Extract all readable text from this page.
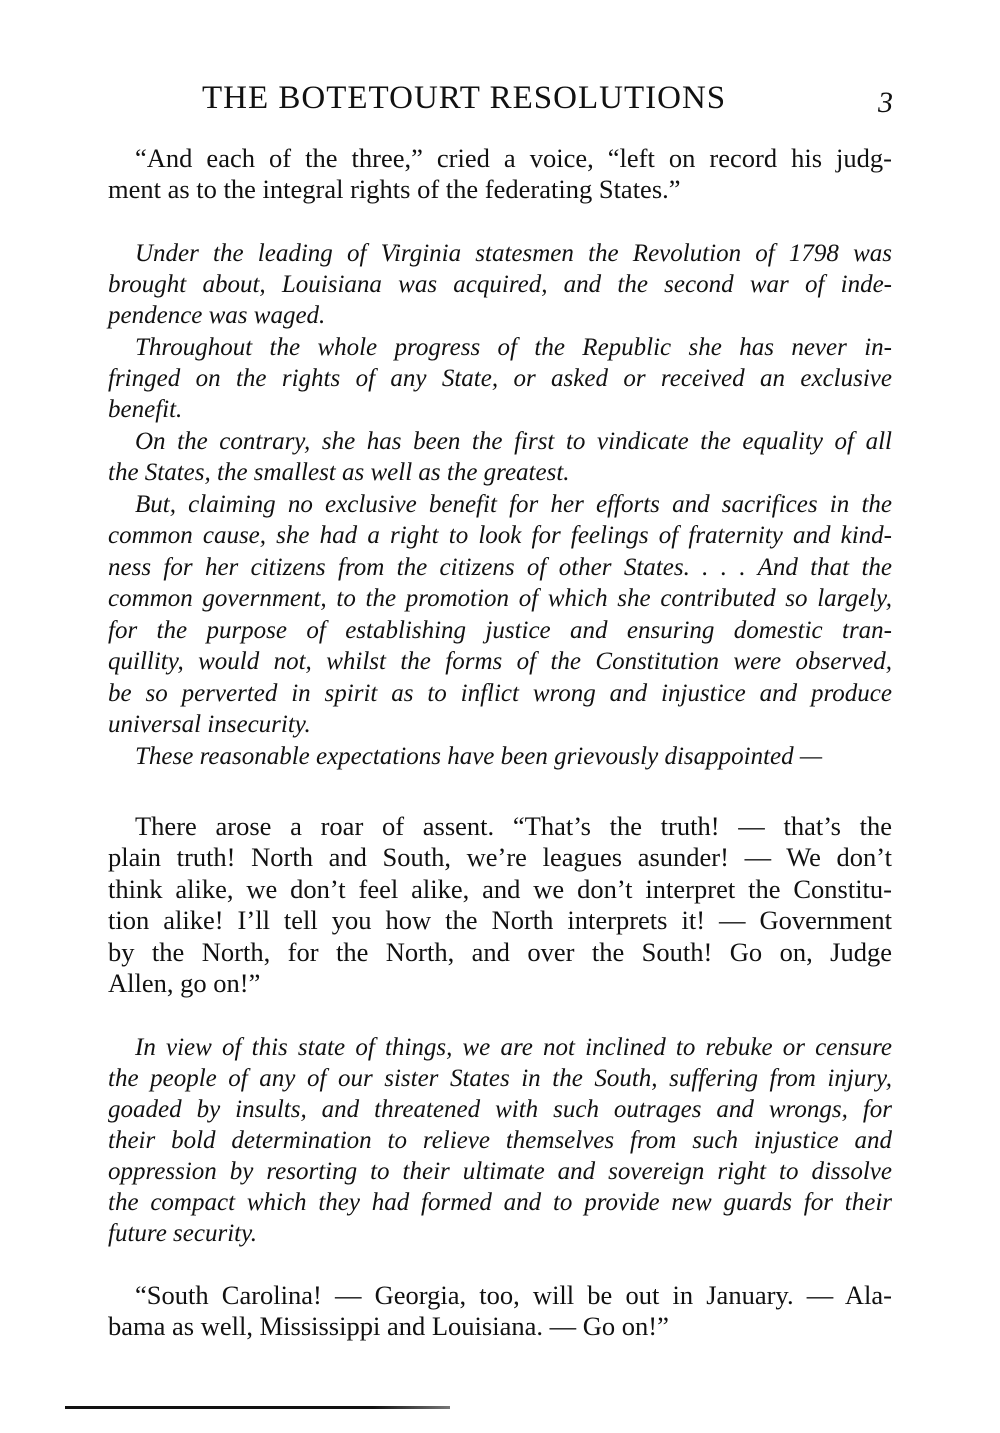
THE BOTETOURT RESOLUTIONS	3
“And each of the three,” cried a voice, “left on record his judg-
ment as to the integral rights of the federating States.”
Under the leading of Virginia statesmen the Revolution of 1798 was
brought about, Louisiana was acquired, and the second war of inde-
pendence was waged.
Throughout the whole progress of the Republic she has never in-
fringed on the rights of any State, or asked or received an exclusive
benefit.
On the contrary, she has been the first to vindicate the equality of all
the States, the smallest as well as the greatest.
But, claiming no exclusive benefit for her efforts and sacrifices in the
common cause, she had a right to look for feelings of fraternity and kind-
ness for her citizens from the citizens of other States. . . . And that the
common government, to the promotion of which she contributed so largely,
for the purpose of establishing justice and ensuring domestic tran-
quillity, would not, whilst the forms of the Constitution were observed,
be so perverted in spirit as to inflict wrong and injustice and produce
universal insecurity.
These reasonable expectations have been grievously disappointed —
There arose a roar of assent. “That’s the truth! — that’s the
plain truth! North and South, we’re leagues asunder! — We don’t
think alike, we don’t feel alike, and we don’t interpret the Constitu-
tion alike! I’ll tell you how the North interprets it! — Government
by the North, for the North, and over the South! Go on, Judge
Allen, go on!”
In view of this state of things, we are not inclined to rebuke or censure
the people of any of our sister States in the South, suffering from injury,
goaded by insults, and threatened with such outrages and wrongs, for
their bold determination to relieve themselves from such injustice and
oppression by resorting to their ultimate and sovereign right to dissolve
the compact which they had formed and to provide new guards for their
future security.
“South Carolina! — Georgia, too, will be out in January. — Ala-
bama as well, Mississippi and Louisiana. — Go on!”
